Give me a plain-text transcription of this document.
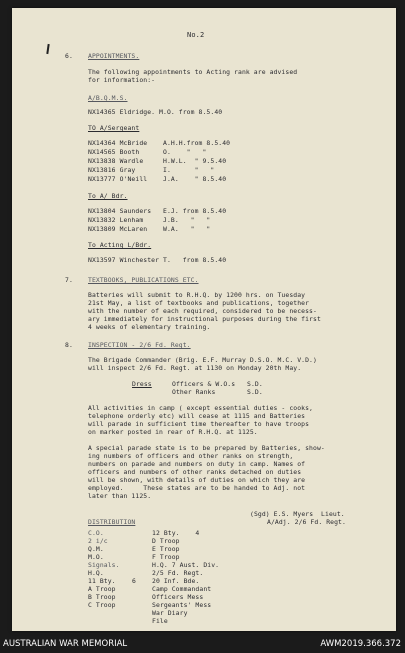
No.2
6. APPOINTMENTS.
The following appointments to Acting rank are advised
for information:-
A/B.Q.M.S.
NX14365 Eldridge. M.O. from 8.5.40
TO A/Sergeant
NX14364 McBride    A.H.H.from 8.5.40
NX14565 Booth      O.    "   "
NX13838 Wardle     H.W.L.  " 9.5.40
NX13816 Gray       I.      "   "
NX13777 O'Neill    J.A.    " 8.5.40
To A/ Bdr.
NX13804 Saunders   E.J. from 8.5.40
NX13832 Lenham     J.B.   "   "
NX13809 McLaren    W.A.   "   "
To Acting L/Bdr.
NX13597 Winchester T.   from 8.5.40
7. TEXTBOOKS, PUBLICATIONS ETC.
Batteries will submit to R.H.Q. by 1200 hrs. on Tuesday
21st May, a list of textbooks and publications, together
with the number of each required, considered to be necess-
ary immediately for instructional purposes during the first
4 weeks of elementary training.
8. INSPECTION - 2/6 Fd. Regt.
The Brigade Commander (Brig. E.F. Murray D.S.O. M.C. V.D.)
will inspect 2/6 Fd. Regt. at 1130 on Monday 20th May.
Dress	Officers & W.O.s   S.D.
Other Ranks        S.D.
All activities in camp ( except essential duties - cooks,
telephone orderly etc) will cease at 1115 and Batteries
will parade in sufficient time thereafter to have troops
on marker posted in rear of R.H.Q. at 1125.
A special parade state is to be prepared by Batteries, show-
ing numbers of officers and other ranks on strength,
numbers on parade and numbers on duty in camp. Names of
officers and numbers of other ranks detached on duties
will be shown, with details of duties on which they are
employed.     These states are to be handed to Adj. not
later than 1125.
(Sgd) E.S. Myers  Lieut.
A/Adj. 2/6 Fd. Regt.
DISTRIBUTION
C.O.
2 i/c
Q.M.
M.O.
Signals.
H.Q.
11 Bty.
A Troop
B Troop
C Troop
6
12 Bty.    4
D Troop
E Troop
F Troop
H.Q. 7 Aust. Div.
2/5 Fd. Regt.
20 Inf. Bde.
Camp Commandant
Officers Mess
Sergeants' Mess
War Diary
File
AUSTRALIAN WAR MEMORIAL	AWM2019.366.372
